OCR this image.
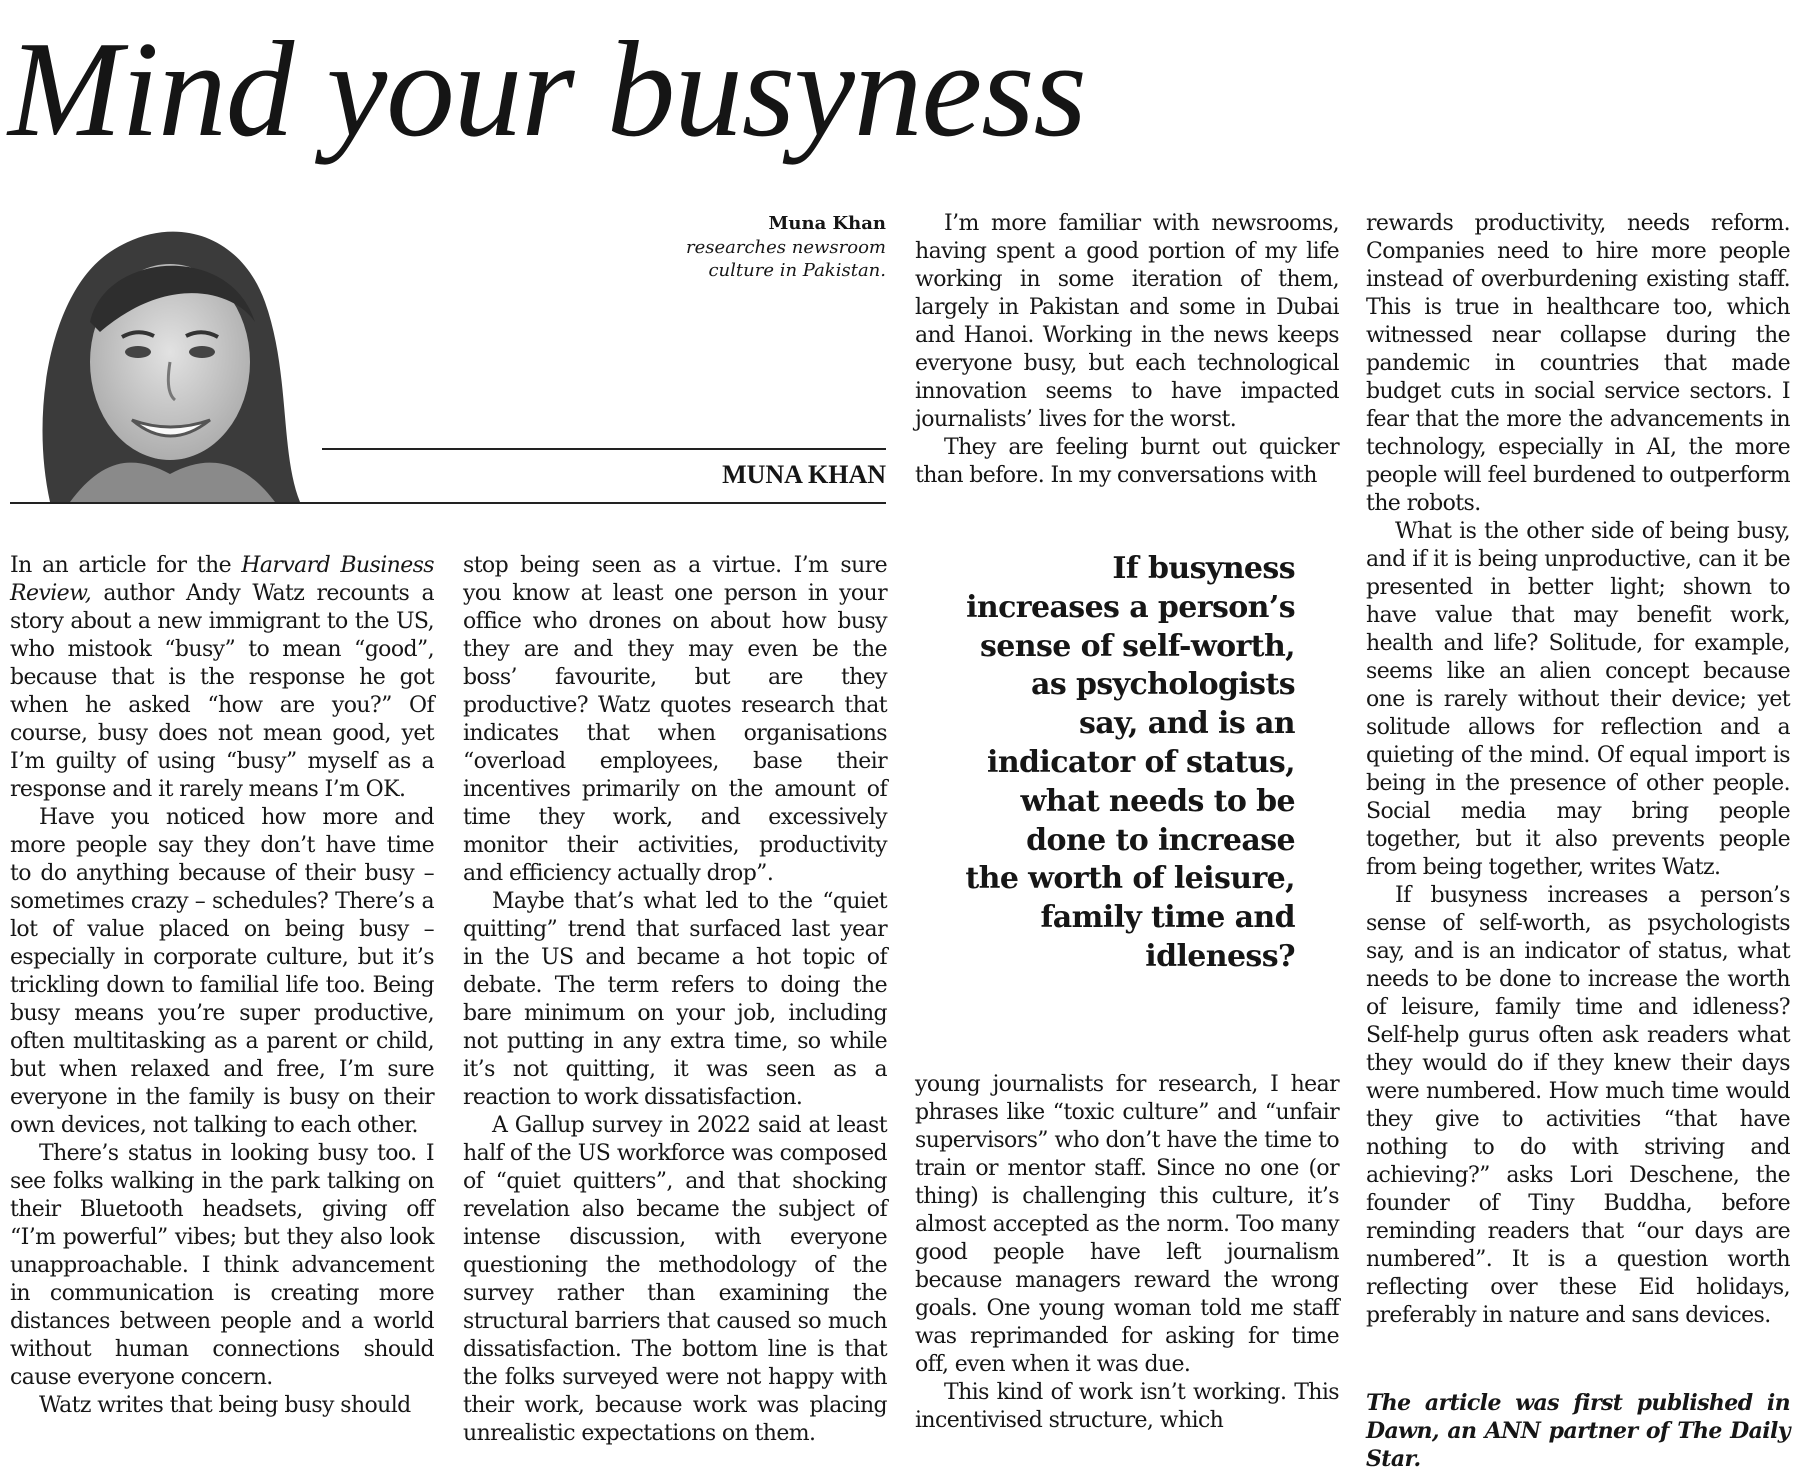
Mind your busyness
Muna Khan
researches newsroom
culture in Pakistan.
MUNA KHAN

In an article for the Harvard Business Review, author Andy Watz recounts a story about a new immigrant to the US, who mistook “busy” to mean “good”, because that is the response he got when he asked “how are you?” Of course, busy does not mean good, yet I’m guilty of using “busy” myself as a response and it rarely means I’m OK.

Have you noticed how more and more people say they don’t have time to do anything because of their busy – sometimes crazy – schedules? There’s a lot of value placed on being busy – especially in corporate culture, but it’s trickling down to familial life too. Being busy means you’re super productive, often multitasking as a parent or child, but when relaxed and free, I’m sure everyone in the family is busy on their own devices, not talking to each other.

There’s status in looking busy too. I see folks walking in the park talking on their Bluetooth headsets, giving off “I’m powerful” vibes; but they also look unapproachable. I think advancement in communication is creating more distances between people and a world without human connections should cause everyone concern.

Watz writes that being busy should

stop being seen as a virtue. I’m sure you know at least one person in your office who drones on about how busy they are and they may even be the boss’ favourite, but are they productive? Watz quotes research that indicates that when organisations “overload employees, base their incentives primarily on the amount of time they work, and excessively monitor their activities, productivity and efficiency actually drop”.

Maybe that’s what led to the “quiet quitting” trend that surfaced last year in the US and became a hot topic of debate. The term refers to doing the bare minimum on your job, including not putting in any extra time, so while it’s not quitting, it was seen as a reaction to work dissatisfaction.

A Gallup survey in 2022 said at least half of the US workforce was composed of “quiet quitters”, and that shocking revelation also became the subject of intense discussion, with everyone questioning the methodology of the survey rather than examining the structural barriers that caused so much dissatisfaction. The bottom line is that the folks surveyed were not happy with their work, because work was placing unrealistic expectations on them.

I’m more familiar with newsrooms, having spent a good portion of my life working in some iteration of them, largely in Pakistan and some in Dubai and Hanoi. Working in the news keeps everyone busy, but each technological innovation seems to have impacted journalists’ lives for the worst.

They are feeling burnt out quicker than before. In my conversations with

If busyness increases a person’s sense of self-worth, as psychologists say, and is an indicator of status, what needs to be done to increase the worth of leisure, family time and idleness?

young journalists for research, I hear phrases like “toxic culture” and “unfair supervisors” who don’t have the time to train or mentor staff. Since no one (or thing) is challenging this culture, it’s almost accepted as the norm. Too many good people have left journalism because managers reward the wrong goals. One young woman told me staff was reprimanded for asking for time off, even when it was due.

This kind of work isn’t working. This incentivised structure, which

rewards productivity, needs reform. Companies need to hire more people instead of overburdening existing staff. This is true in healthcare too, which witnessed near collapse during the pandemic in countries that made budget cuts in social service sectors. I fear that the more the advancements in technology, especially in AI, the more people will feel burdened to outperform the robots.

What is the other side of being busy, and if it is being unproductive, can it be presented in better light; shown to have value that may benefit work, health and life? Solitude, for example, seems like an alien concept because one is rarely without their device; yet solitude allows for reflection and a quieting of the mind. Of equal import is being in the presence of other people. Social media may bring people together, but it also prevents people from being together, writes Watz.

If busyness increases a person’s sense of self-worth, as psychologists say, and is an indicator of status, what needs to be done to increase the worth of leisure, family time and idleness? Self-help gurus often ask readers what they would do if they knew their days were numbered. How much time would they give to activities “that have nothing to do with striving and achieving?” asks Lori Deschene, the founder of Tiny Buddha, before reminding readers that “our days are numbered”. It is a question worth reflecting over these Eid holidays, preferably in nature and sans devices.

The article was first published in Dawn, an ANN partner of The Daily Star.
